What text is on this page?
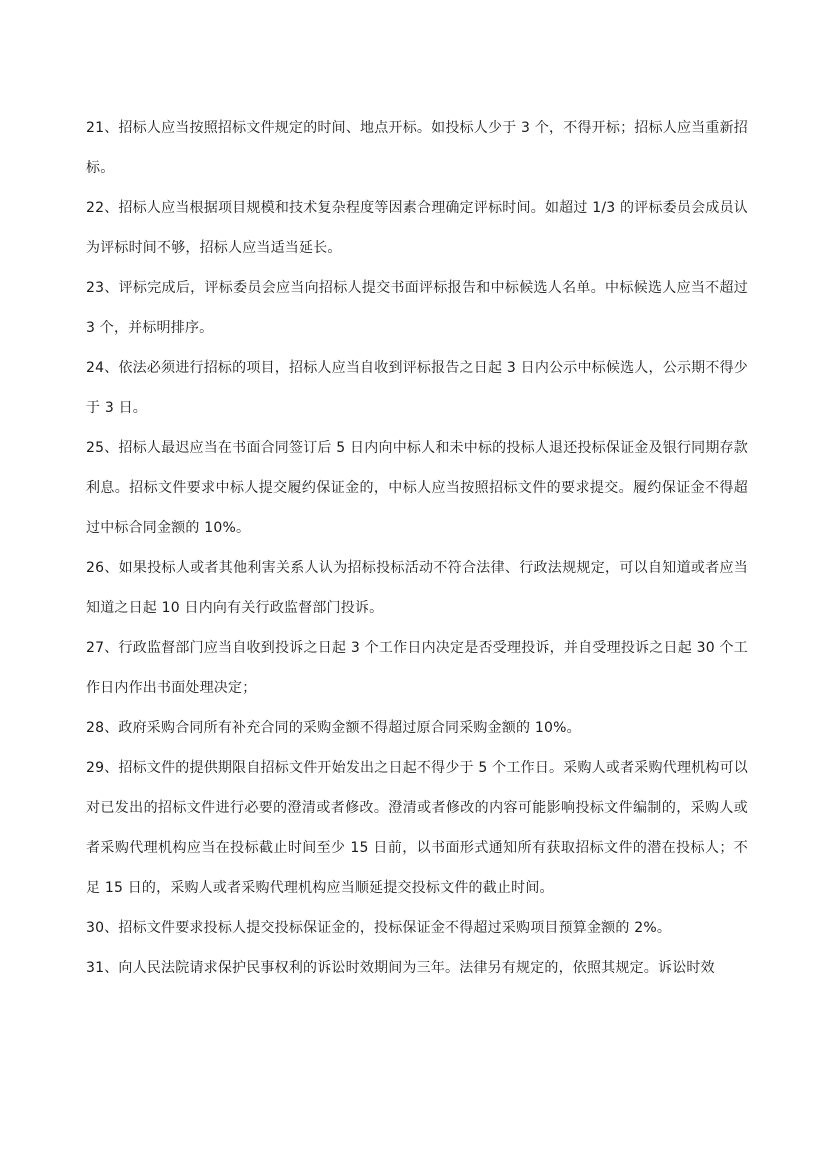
21、招标人应当按照招标文件规定的时间、地点开标。如投标人少于 3 个，不得开标；招标人应当重新招标。

22、招标人应当根据项目规模和技术复杂程度等因素合理确定评标时间。如超过 1/3 的评标委员会成员认为评标时间不够，招标人应当适当延长。

23、评标完成后，评标委员会应当向招标人提交书面评标报告和中标候选人名单。中标候选人应当不超过 3 个，并标明排序。

24、依法必须进行招标的项目，招标人应当自收到评标报告之日起 3 日内公示中标候选人，公示期不得少于 3 日。

25、招标人最迟应当在书面合同签订后 5 日内向中标人和未中标的投标人退还投标保证金及银行同期存款利息。招标文件要求中标人提交履约保证金的，中标人应当按照招标文件的要求提交。履约保证金不得超过中标合同金额的 10%。

26、如果投标人或者其他利害关系人认为招标投标活动不符合法律、行政法规规定，可以自知道或者应当知道之日起 10 日内向有关行政监督部门投诉。

27、行政监督部门应当自收到投诉之日起 3 个工作日内决定是否受理投诉，并自受理投诉之日起 30 个工作日内作出书面处理决定；

28、政府采购合同所有补充合同的采购金额不得超过原合同采购金额的 10%。

29、招标文件的提供期限自招标文件开始发出之日起不得少于 5 个工作日。采购人或者采购代理机构可以对已发出的招标文件进行必要的澄清或者修改。澄清或者修改的内容可能影响投标文件编制的，采购人或者采购代理机构应当在投标截止时间至少 15 日前，以书面形式通知所有获取招标文件的潜在投标人；不足 15 日的，采购人或者采购代理机构应当顺延提交投标文件的截止时间。

30、招标文件要求投标人提交投标保证金的，投标保证金不得超过采购项目预算金额的 2%。

31、向人民法院请求保护民事权利的诉讼时效期间为三年。法律另有规定的，依照其规定。诉讼时效
